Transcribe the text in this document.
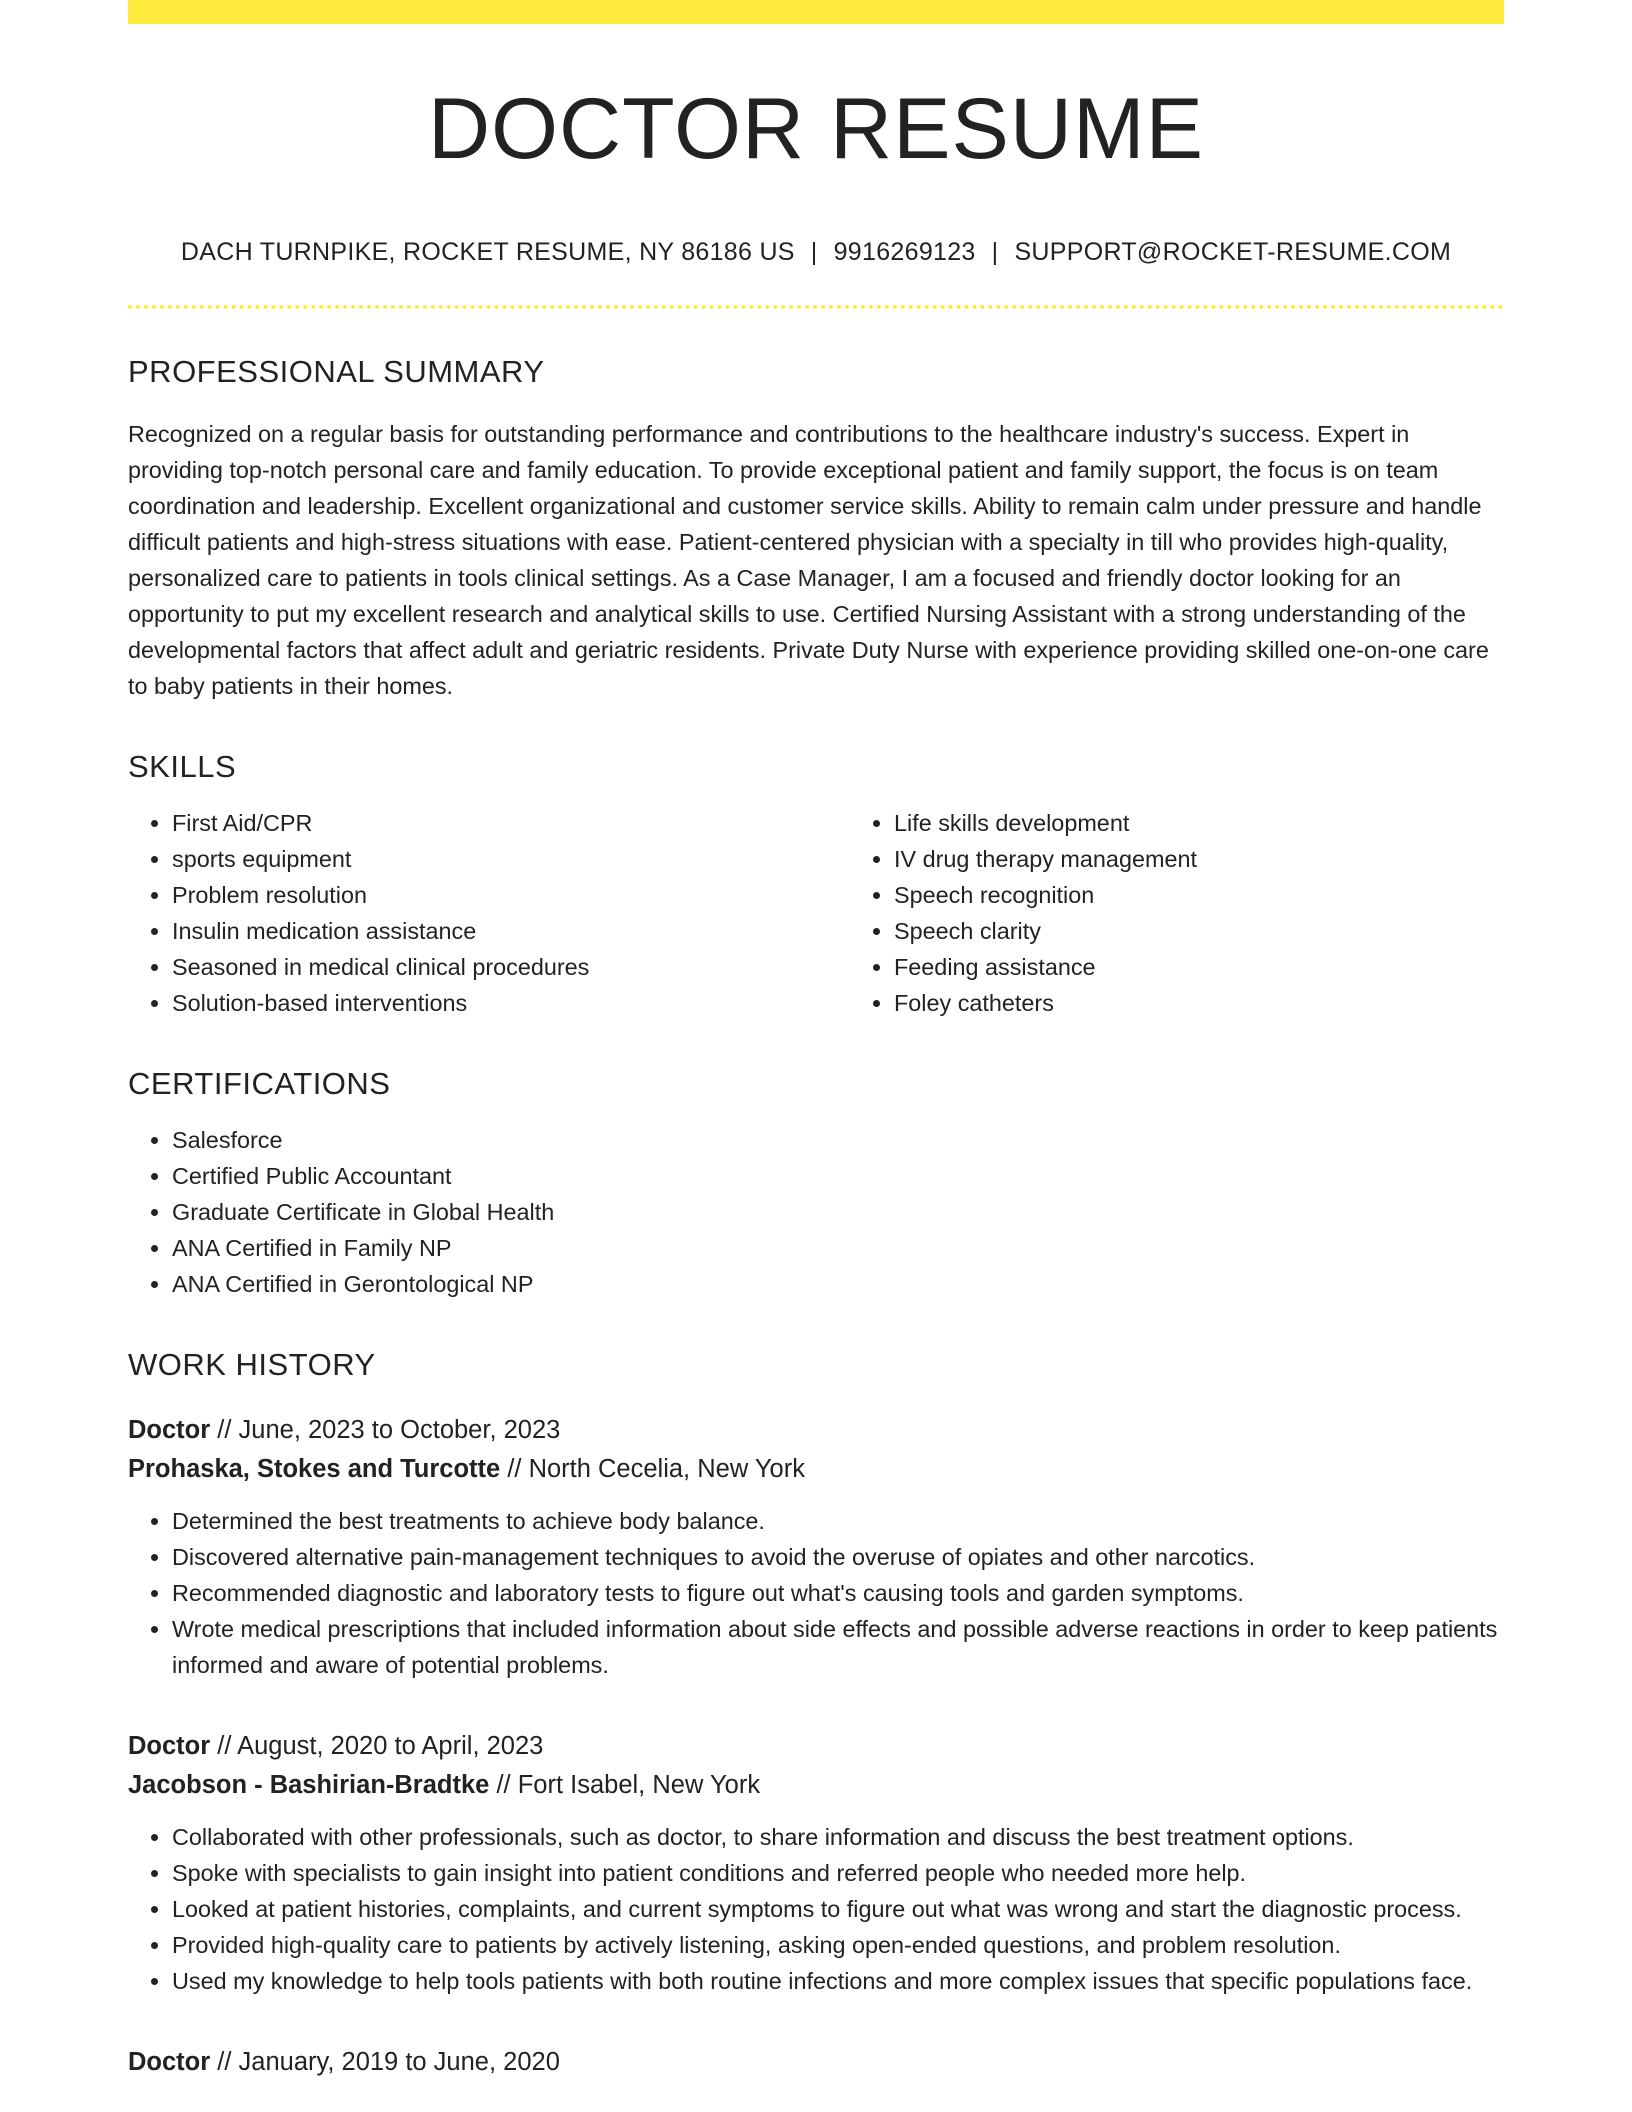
DOCTOR RESUME
DACH TURNPIKE, ROCKET RESUME, NY 86186 US | 9916269123 | SUPPORT@ROCKET-RESUME.COM
PROFESSIONAL SUMMARY
Recognized on a regular basis for outstanding performance and contributions to the healthcare industry's success. Expert in providing top-notch personal care and family education. To provide exceptional patient and family support, the focus is on team coordination and leadership. Excellent organizational and customer service skills. Ability to remain calm under pressure and handle difficult patients and high-stress situations with ease. Patient-centered physician with a specialty in till who provides high-quality, personalized care to patients in tools clinical settings. As a Case Manager, I am a focused and friendly doctor looking for an opportunity to put my excellent research and analytical skills to use. Certified Nursing Assistant with a strong understanding of the developmental factors that affect adult and geriatric residents. Private Duty Nurse with experience providing skilled one-on-one care to baby patients in their homes.
SKILLS
• First Aid/CPR
• sports equipment
• Problem resolution
• Insulin medication assistance
• Seasoned in medical clinical procedures
• Solution-based interventions
• Life skills development
• IV drug therapy management
• Speech recognition
• Speech clarity
• Feeding assistance
• Foley catheters
CERTIFICATIONS
• Salesforce
• Certified Public Accountant
• Graduate Certificate in Global Health
• ANA Certified in Family NP
• ANA Certified in Gerontological NP
WORK HISTORY
Doctor // June, 2023 to October, 2023
Prohaska, Stokes and Turcotte // North Cecelia, New York
• Determined the best treatments to achieve body balance.
• Discovered alternative pain-management techniques to avoid the overuse of opiates and other narcotics.
• Recommended diagnostic and laboratory tests to figure out what's causing tools and garden symptoms.
• Wrote medical prescriptions that included information about side effects and possible adverse reactions in order to keep patients informed and aware of potential problems.
Doctor // August, 2020 to April, 2023
Jacobson - Bashirian-Bradtke // Fort Isabel, New York
• Collaborated with other professionals, such as doctor, to share information and discuss the best treatment options.
• Spoke with specialists to gain insight into patient conditions and referred people who needed more help.
• Looked at patient histories, complaints, and current symptoms to figure out what was wrong and start the diagnostic process.
• Provided high-quality care to patients by actively listening, asking open-ended questions, and problem resolution.
• Used my knowledge to help tools patients with both routine infections and more complex issues that specific populations face.
Doctor // January, 2019 to June, 2020
